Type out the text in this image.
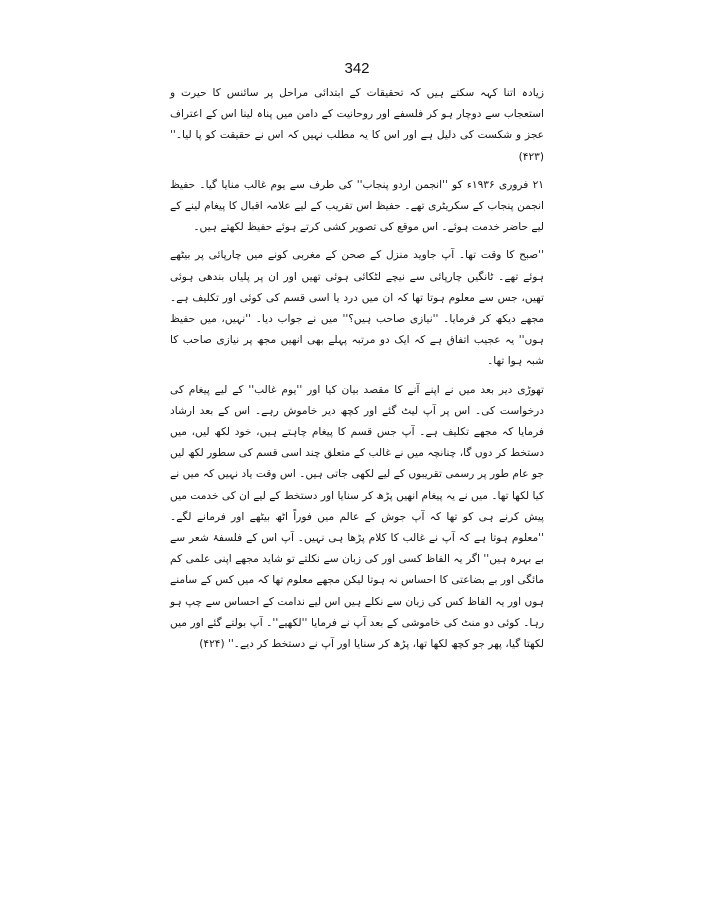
342

زیادہ اتنا کہہ سکتے ہیں کہ تحقیقات کے ابتدائی مراحل پر سائنس کا حیرت و استعجاب سے دوچار ہو کر فلسفے اور روحانیت کے دامن میں پناہ لینا اس کے اعتراف عجز و شکست کی دلیل ہے اور اس کا یہ مطلب نہیں کہ اس نے حقیقت کو پا لیا۔'' (۴۲۳)

۲۱ فروری ۱۹۳۶ء کو ''انجمن اردو پنجاب'' کی طرف سے یوم غالب منایا گیا۔ حفیظ انجمن پنجاب کے سکریٹری تھے۔ حفیظ اس تقریب کے لیے علامہ اقبال کا پیغام لینے کے لیے حاضر خدمت ہوئے۔ اس موقع کی تصویر کشی کرتے ہوئے حفیظ لکھتے ہیں۔

''صبح کا وقت تھا۔ آپ جاوید منزل کے صحن کے مغربی کونے میں چارپائی پر بیٹھے ہوئے تھے۔ ٹانگیں چارپائی سے نیچے لٹکائی ہوئی تھیں اور ان پر پلیاں بندھی ہوئی تھیں، جس سے معلوم ہوتا تھا کہ ان میں درد یا اسی قسم کی کوئی اور تکلیف ہے۔ مجھے دیکھ کر فرمایا۔ ''نیازی صاحب ہیں؟'' میں نے جواب دیا۔ ''نہیں، میں حفیظ ہوں'' یہ عجیب اتفاق ہے کہ ایک دو مرتبہ پہلے بھی انھیں مجھ پر نیازی صاحب کا شبہ ہوا تھا۔

تھوڑی دیر بعد میں نے اپنے آنے کا مقصد بیان کیا اور ''یوم غالب'' کے لیے پیغام کی درخواست کی۔ اس پر آپ لیٹ گئے اور کچھ دیر خاموش رہے۔ اس کے بعد ارشاد فرمایا کہ مجھے تکلیف ہے۔ آپ جس قسم کا پیغام چاہتے ہیں، خود لکھ لیں، میں دستخط کر دوں گا، چنانچہ میں نے غالب کے متعلق چند اسی قسم کی سطور لکھ لیں جو عام طور پر رسمی تقریبوں کے لیے لکھی جاتی ہیں۔ اس وقت یاد نہیں کہ میں نے کیا لکھا تھا۔ میں نے یہ پیغام انھیں پڑھ کر سنایا اور دستخط کے لیے ان کی خدمت میں پیش کرنے ہی کو تھا کہ آپ جوش کے عالم میں فوراً اٹھ بیٹھے اور فرمانے لگے۔ ''معلوم ہوتا ہے کہ آپ نے غالب کا کلام پڑھا ہی نہیں۔ آپ اس کے فلسفۂ شعر سے بے بہرہ ہیں'' اگر یہ الفاظ کسی اور کی زبان سے نکلتے تو شاید مجھے اپنی علمی کم مائگی اور بے بضاعتی کا احساس نہ ہوتا لیکن مجھے معلوم تھا کہ میں کس کے سامنے ہوں اور یہ الفاظ کس کی زبان سے نکلے ہیں اس لیے ندامت کے احساس سے چپ ہو رہا۔ کوئی دو منٹ کی خاموشی کے بعد آپ نے فرمایا ''لکھیے''۔ آپ بولتے گئے اور میں لکھتا گیا، پھر جو کچھ لکھا تھا، پڑھ کر سنایا اور آپ نے دستخط کر دیے۔'' (۴۲۴)
